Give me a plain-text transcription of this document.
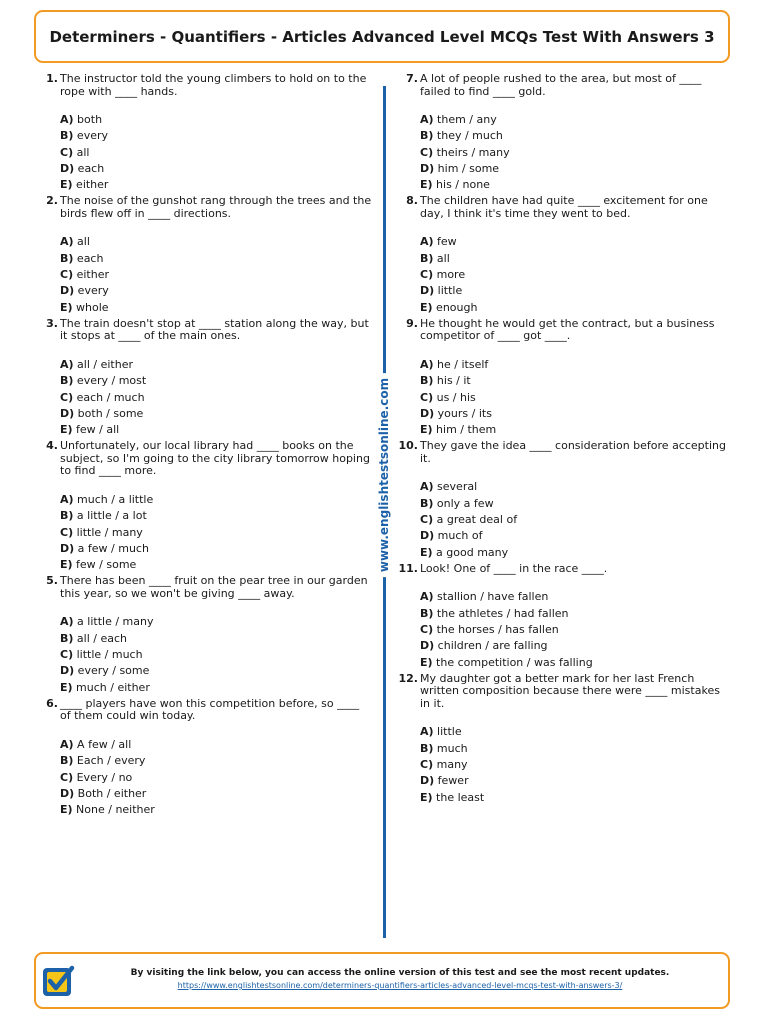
Determiners - Quantifiers - Articles Advanced Level MCQs Test With Answers 3
1. The instructor told the young climbers to hold on to the rope with ____ hands.
A) both
B) every
C) all
D) each
E) either
2. The noise of the gunshot rang through the trees and the birds flew off in ____ directions.
A) all
B) each
C) either
D) every
E) whole
3. The train doesn't stop at ____ station along the way, but it stops at ____ of the main ones.
A) all / either
B) every / most
C) each / much
D) both / some
E) few / all
4. Unfortunately, our local library had ____ books on the subject, so I'm going to the city library tomorrow hoping to find ____ more.
A) much / a little
B) a little / a lot
C) little / many
D) a few / much
E) few / some
5. There has been ____ fruit on the pear tree in our garden this year, so we won't be giving ____ away.
A) a little / many
B) all / each
C) little / much
D) every / some
E) much / either
6. ____ players have won this competition before, so ____ of them could win today.
A) A few / all
B) Each / every
C) Every / no
D) Both / either
E) None / neither
www.englishtestsonline.com
7. A lot of people rushed to the area, but most of ____ failed to find ____ gold.
A) them / any
B) they / much
C) theirs / many
D) him / some
E) his / none
8. The children have had quite ____ excitement for one day, I think it's time they went to bed.
A) few
B) all
C) more
D) little
E) enough
9. He thought he would get the contract, but a business competitor of ____ got ____.
A) he / itself
B) his / it
C) us / his
D) yours / its
E) him / them
10. They gave the idea ____ consideration before accepting it.
A) several
B) only a few
C) a great deal of
D) much of
E) a good many
11. Look! One of ____ in the race ____.
A) stallion / have fallen
B) the athletes / had fallen
C) the horses / has fallen
D) children / are falling
E) the competition / was falling
12. My daughter got a better mark for her last French written composition because there were ____ mistakes in it.
A) little
B) much
C) many
D) fewer
E) the least
By visiting the link below, you can access the online version of this test and see the most recent updates.
https://www.englishtestsonline.com/determiners-quantifiers-articles-advanced-level-mcqs-test-with-answers-3/
